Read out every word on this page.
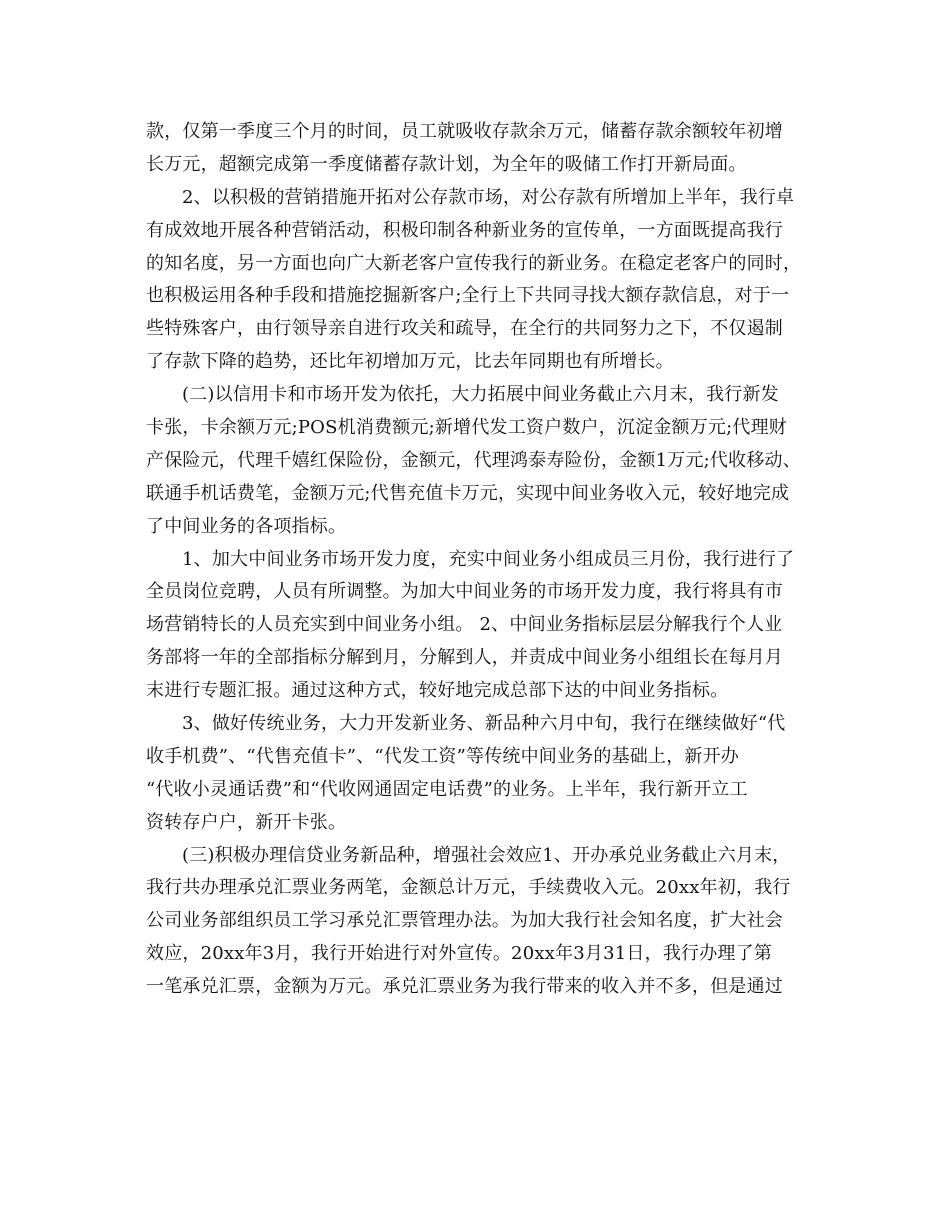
款，仅第一季度三个月的时间，员工就吸收存款余万元，储蓄存款余额较年初增
长万元，超额完成第一季度储蓄存款计划，为全年的吸储工作打开新局面。
2、以积极的营销措施开拓对公存款市场，对公存款有所增加上半年，我行卓
有成效地开展各种营销活动，积极印制各种新业务的宣传单，一方面既提高我行
的知名度，另一方面也向广大新老客户宣传我行的新业务。在稳定老客户的同时，
也积极运用各种手段和措施挖掘新客户;全行上下共同寻找大额存款信息，对于一
些特殊客户，由行领导亲自进行攻关和疏导，在全行的共同努力之下，不仅遏制
了存款下降的趋势，还比年初增加万元，比去年同期也有所增长。
(二)以信用卡和市场开发为依托，大力拓展中间业务截止六月末，我行新发
卡张，卡余额万元;POS机消费额元;新增代发工资户数户，沉淀金额万元;代理财
产保险元，代理千嬉红保险份，金额元，代理鸿泰寿险份，金额1万元;代收移动、
联通手机话费笔，金额万元;代售充值卡万元，实现中间业务收入元，较好地完成
了中间业务的各项指标。
1、加大中间业务市场开发力度，充实中间业务小组成员三月份，我行进行了
全员岗位竞聘，人员有所调整。为加大中间业务的市场开发力度，我行将具有市
场营销特长的人员充实到中间业务小组。 2、中间业务指标层层分解我行个人业
务部将一年的全部指标分解到月，分解到人，并责成中间业务小组组长在每月月
末进行专题汇报。通过这种方式，较好地完成总部下达的中间业务指标。
3、做好传统业务，大力开发新业务、新品种六月中旬，我行在继续做好“代
收手机费”、“代售充值卡”、“代发工资”等传统中间业务的基础上，新开办
“代收小灵通话费”和“代收网通固定电话费”的业务。上半年，我行新开立工
资转存户户，新开卡张。
(三)积极办理信贷业务新品种，增强社会效应1、开办承兑业务截止六月末，
我行共办理承兑汇票业务两笔，金额总计万元，手续费收入元。20xx年初，我行
公司业务部组织员工学习承兑汇票管理办法。为加大我行社会知名度，扩大社会
效应，20xx年3月，我行开始进行对外宣传。20xx年3月31日，我行办理了第
一笔承兑汇票，金额为万元。承兑汇票业务为我行带来的收入并不多，但是通过
